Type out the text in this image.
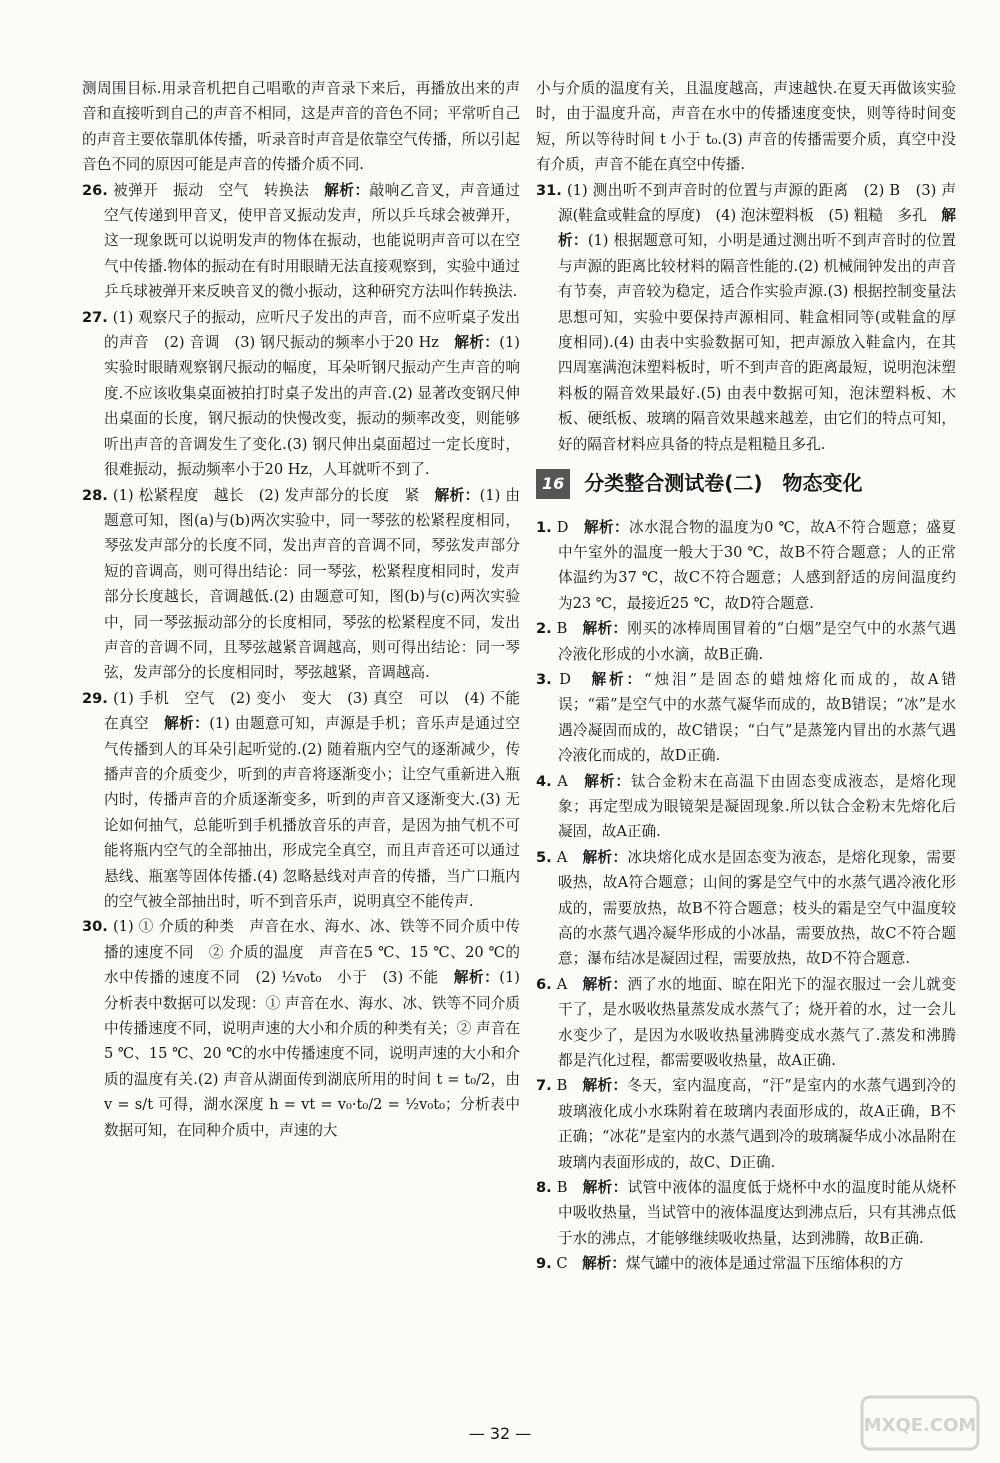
测周围目标.用录音机把自己唱歌的声音录下来后，再播放出来的声音和直接听到自己的声音不相同，这是声音的音色不同；平常听自己的声音主要依靠肌体传播，听录音时声音是依靠空气传播，所以引起音色不同的原因可能是声音的传播介质不同.

26. 被弹开　振动　空气　转换法　 解析：敲响乙音叉，声音通过空气传递到甲音叉，使甲音叉振动发声，所以乒乓球会被弹开，这一现象既可以说明发声的物体在振动，也能说明声音可以在空气中传播.物体的振动在有时用眼睛无法直接观察到，实验中通过乒乓球被弹开来反映音叉的微小振动，这种研究方法叫作转换法.

27. (1) 观察尺子的振动，应听尺子发出的声音，而不应听桌子发出的声音　(2) 音调　(3) 钢尺振动的频率小于20 Hz　 解析：(1) 实验时眼睛观察钢尺振动的幅度，耳朵听钢尺振动产生声音的响度.不应该收集桌面被拍打时桌子发出的声音.(2) 显著改变钢尺伸出桌面的长度，钢尺振动的快慢改变，振动的频率改变，则能够听出声音的音调发生了变化.(3) 钢尺伸出桌面超过一定长度时，很难振动，振动频率小于20 Hz，人耳就听不到了.

28. (1) 松紧程度　越长　(2) 发声部分的长度　紧　 解析：(1) 由题意可知，图(a)与(b)两次实验中，同一琴弦的松紧程度相同，琴弦发声部分的长度不同，发出声音的音调不同，琴弦发声部分短的音调高，则可得出结论：同一琴弦，松紧程度相同时，发声部分长度越长，音调越低.(2) 由题意可知，图(b)与(c)两次实验中，同一琴弦振动部分的长度相同，琴弦的松紧程度不同，发出声音的音调不同，且琴弦越紧音调越高，则可得出结论：同一琴弦，发声部分的长度相同时，琴弦越紧，音调越高.

29. (1) 手机　空气　(2) 变小　变大　(3) 真空　可以　(4) 不能在真空　 解析：(1) 由题意可知，声源是手机；音乐声是通过空气传播到人的耳朵引起听觉的.(2) 随着瓶内空气的逐渐减少，传播声音的介质变少，听到的声音将逐渐变小；让空气重新进入瓶内时，传播声音的介质逐渐变多，听到的声音又逐渐变大.(3) 无论如何抽气，总能听到手机播放音乐的声音，是因为抽气机不可能将瓶内空气的全部抽出，形成完全真空，而且声音还可以通过悬线、瓶塞等固体传播.(4) 忽略悬线对声音的传播，当广口瓶内的空气被全部抽出时，听不到音乐声，说明真空不能传声.

30. (1) ① 介质的种类　声音在水、海水、冰、铁等不同介质中传播的速度不同　② 介质的温度　声音在5 ℃、15 ℃、20 ℃的水中传播的速度不同　(2) ½v₀t₀　小于　(3) 不能　 解析：(1) 分析表中数据可以发现：① 声音在水、海水、冰、铁等不同介质中传播速度不同，说明声速的大小和介质的种类有关；② 声音在5 ℃、15 ℃、20 ℃的水中传播速度不同，说明声速的大小和介质的温度有关.(2) 声音从湖面传到湖底所用的时间 t = t₀/2，由 v = s/t 可得，湖水深度 h = vt = v₀·t₀/2 = ½v₀t₀；分析表中数据可知，在同种介质中，声速的大

小与介质的温度有关，且温度越高，声速越快.在夏天再做该实验时，由于温度升高，声音在水中的传播速度变快，则等待时间变短，所以等待时间 t 小于 t₀.(3) 声音的传播需要介质，真空中没有介质，声音不能在真空中传播.

31. (1) 测出听不到声音时的位置与声源的距离　(2) B　(3) 声源(鞋盒或鞋盒的厚度)　(4) 泡沫塑料板　(5) 粗糙　多孔　 解析：(1) 根据题意可知，小明是通过测出听不到声音时的位置与声源的距离比较材料的隔音性能的.(2) 机械闹钟发出的声音有节奏，声音较为稳定，适合作实验声源.(3) 根据控制变量法思想可知，实验中要保持声源相同、鞋盒相同等(或鞋盒的厚度相同).(4) 由表中实验数据可知，把声源放入鞋盒内，在其四周塞满泡沫塑料板时，听不到声音的距离最短，说明泡沫塑料板的隔音效果最好.(5) 由表中数据可知，泡沫塑料板、木板、硬纸板、玻璃的隔音效果越来越差，由它们的特点可知，好的隔音材料应具备的特点是粗糙且多孔.

16	分类整合测试卷(二)　物态变化

1. D　 解析：冰水混合物的温度为0 ℃，故A不符合题意；盛夏中午室外的温度一般大于30 ℃，故B不符合题意；人的正常体温约为37 ℃，故C不符合题意；人感到舒适的房间温度约为23 ℃，最接近25 ℃，故D符合题意.

2. B　 解析：刚买的冰棒周围冒着的“白烟”是空气中的水蒸气遇冷液化形成的小水滴，故B正确.

3. D　 解析：“烛泪”是固态的蜡烛熔化而成的，故A错误；“霜”是空气中的水蒸气凝华而成的，故B错误；“冰”是水遇冷凝固而成的，故C错误；“白气”是蒸笼内冒出的水蒸气遇冷液化而成的，故D正确.

4. A　 解析：钛合金粉末在高温下由固态变成液态，是熔化现象；再定型成为眼镜架是凝固现象.所以钛合金粉末先熔化后凝固，故A正确.

5. A　 解析：冰块熔化成水是固态变为液态，是熔化现象，需要吸热，故A符合题意；山间的雾是空气中的水蒸气遇冷液化形成的，需要放热，故B不符合题意；枝头的霜是空气中温度较高的水蒸气遇冷凝华形成的小冰晶，需要放热，故C不符合题意；瀑布结冰是凝固过程，需要放热，故D不符合题意.

6. A　 解析：洒了水的地面、晾在阳光下的湿衣服过一会儿就变干了，是水吸收热量蒸发成水蒸气了；烧开着的水，过一会儿水变少了，是因为水吸收热量沸腾变成水蒸气了.蒸发和沸腾都是汽化过程，都需要吸收热量，故A正确.

7. B　 解析：冬天，室内温度高，“汗”是室内的水蒸气遇到冷的玻璃液化成小水珠附着在玻璃内表面形成的，故A正确，B不正确；“冰花”是室内的水蒸气遇到冷的玻璃凝华成小冰晶附在玻璃内表面形成的，故C、D正确.

8. B　 解析：试管中液体的温度低于烧杯中水的温度时能从烧杯中吸收热量，当试管中的液体温度达到沸点后，只有其沸点低于水的沸点，才能够继续吸收热量，达到沸腾，故B正确.

9. C　 解析：煤气罐中的液体是通过常温下压缩体积的方

— 32 —	MXQE.COM
